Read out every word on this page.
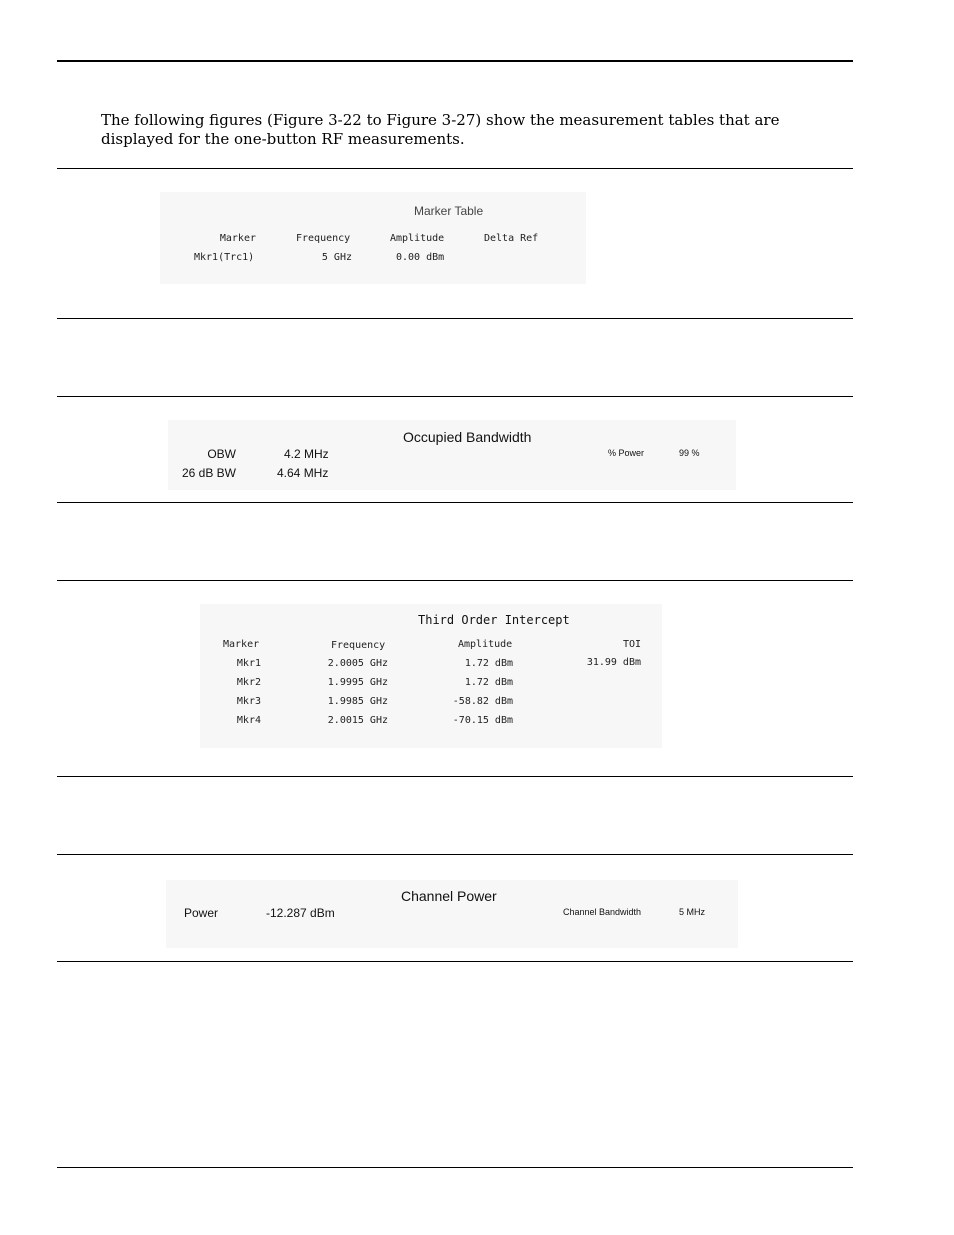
The following figures (Figure 3-22 to Figure 3-27) show the measurement tables that are displayed for the one-button RF measurements.

Marker Table
Marker	Frequency	Amplitude	Delta Ref
Mkr1(Trc1)	5 GHz	0.00 dBm
Occupied Bandwidth
OBW	4.2 MHz
26 dB BW	4.64 MHz
% Power	99 %
Third Order Intercept
Marker	Frequency	Amplitude	TOI
Mkr1	2.0005 GHz	1.72 dBm	31.99 dBm
Mkr2	1.9995 GHz	1.72 dBm
Mkr3	1.9985 GHz	-58.82 dBm
Mkr4	2.0015 GHz	-70.15 dBm
Channel Power
Power	-12.287 dBm	Channel Bandwidth	5 MHz
